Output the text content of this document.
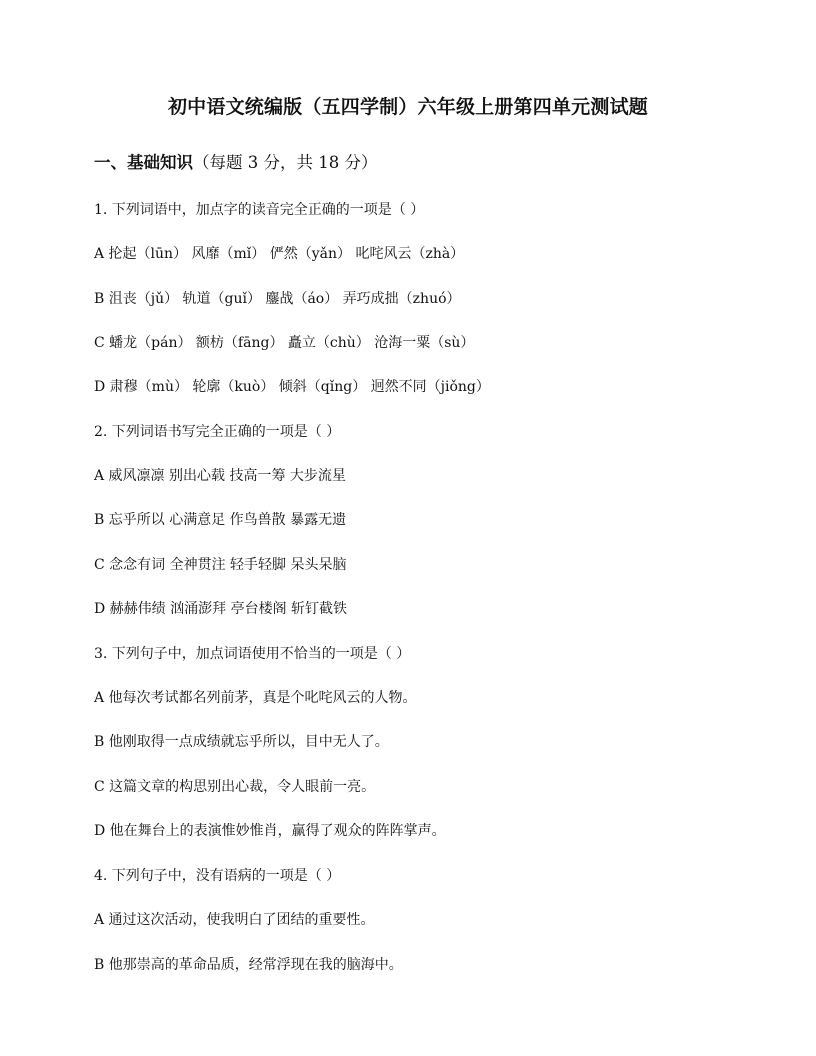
初中语文统编版（五四学制）六年级上册第四单元测试题
一、基础知识（每题 3 分，共 18 分）
1. 下列词语中，加点字的读音完全正确的一项是（ ）
A 抡起（lūn） 风靡（mǐ） 俨然（yǎn） 叱咤风云（zhà）
B 沮丧（jǔ） 轨道（guǐ） 鏖战（áo） 弄巧成拙（zhuó）
C 蟠龙（pán） 额枋（fāng） 矗立（chù） 沧海一粟（sù）
D 肃穆（mù） 轮廓（kuò） 倾斜（qǐng） 迥然不同（jiǒng）
2. 下列词语书写完全正确的一项是（ ）
A 威风凛凛 别出心载 技高一筹 大步流星
B 忘乎所以 心满意足 作鸟兽散 暴露无遗
C 念念有词 全神贯注 轻手轻脚 呆头呆脑
D 赫赫伟绩 汹涌澎拜 亭台楼阁 斩钉截铁
3. 下列句子中，加点词语使用不恰当的一项是（ ）
A 他每次考试都名列前茅，真是个叱咤风云的人物。
B 他刚取得一点成绩就忘乎所以，目中无人了。
C 这篇文章的构思别出心裁，令人眼前一亮。
D 他在舞台上的表演惟妙惟肖，赢得了观众的阵阵掌声。
4. 下列句子中，没有语病的一项是（ ）
A 通过这次活动，使我明白了团结的重要性。
B 他那崇高的革命品质，经常浮现在我的脑海中。
